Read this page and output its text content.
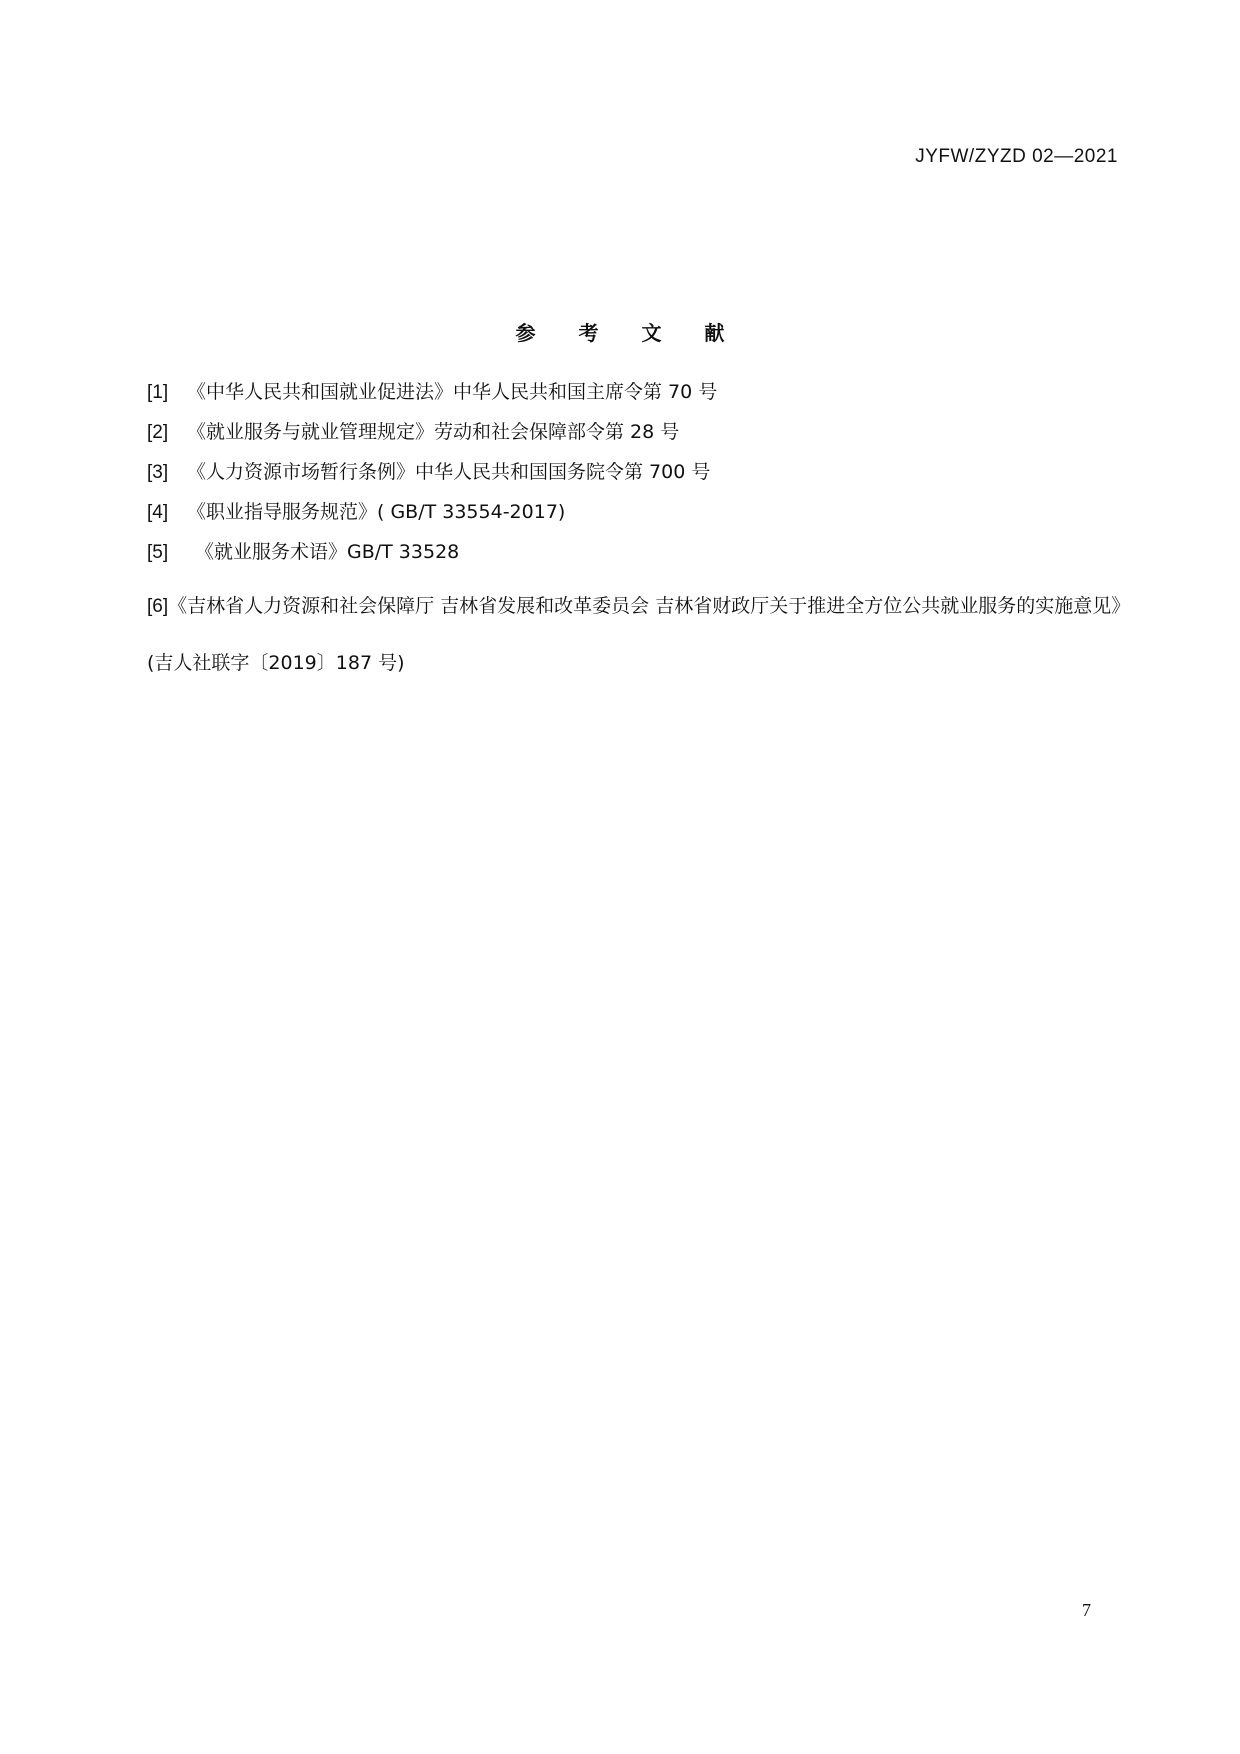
JYFW/ZYZD 02—2021
参 考 文 献
[1] 《中华人民共和国就业促进法》中华人民共和国主席令第 70 号
[2] 《就业服务与就业管理规定》劳动和社会保障部令第 28 号
[3] 《人力资源市场暂行条例》中华人民共和国国务院令第 700 号
[4] 《职业指导服务规范》( GB/T 33554-2017)
[5]	《就业服务术语》GB/T 33528
[6]《吉林省人力资源和社会保障厅 吉林省发展和改革委员会 吉林省财政厅关于推进全方位公共就业服务的实施意见》(吉人社联字〔2019〕187 号)
7
